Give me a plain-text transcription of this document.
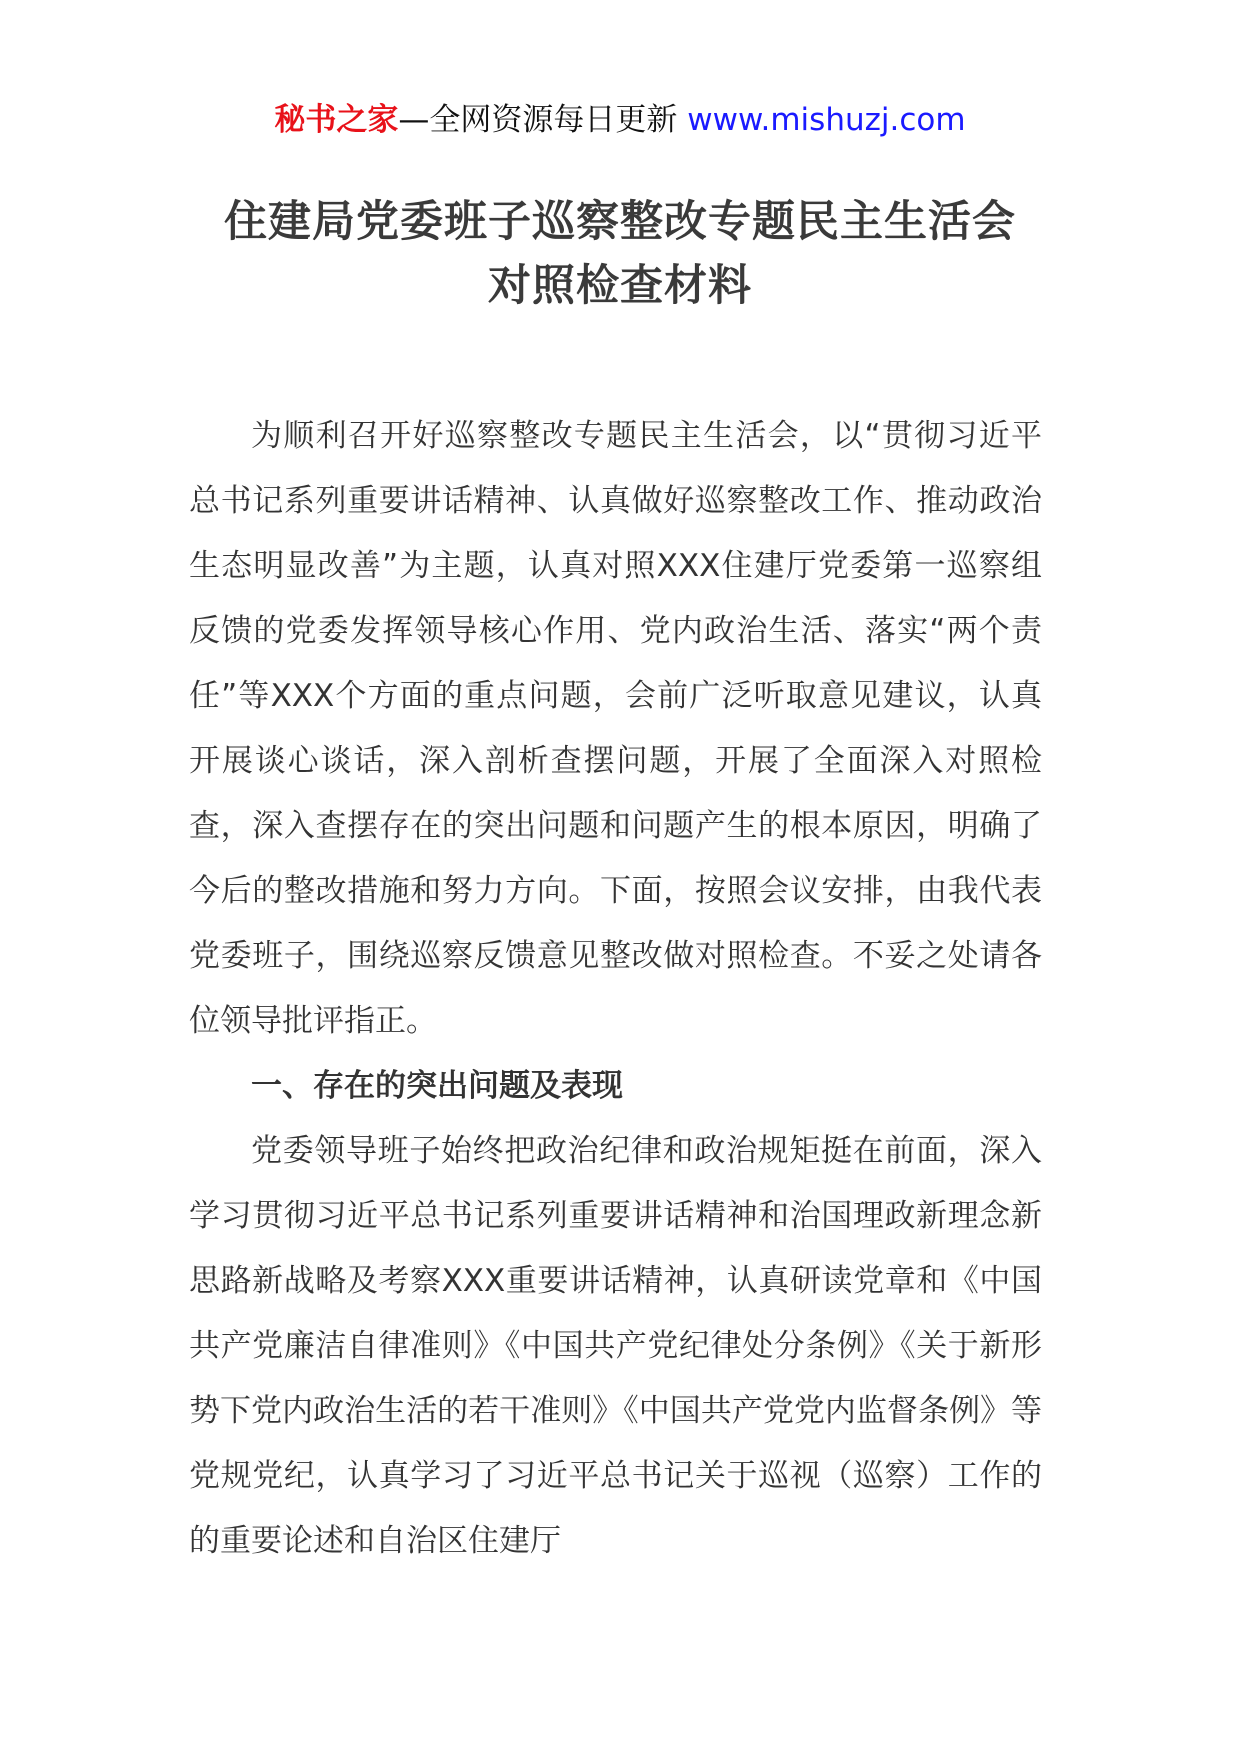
秘书之家—全网资源每日更新 www.mishuzj.com
住建局党委班子巡察整改专题民主生活会
对照检查材料

为顺利召开好巡察整改专题民主生活会，以“贯彻习近平总书记系列重要讲话精神、认真做好巡察整改工作、推动政治生态明显改善”为主题，认真对照XXX住建厅党委第一巡察组反馈的党委发挥领导核心作用、党内政治生活、落实“两个责任”等XXX个方面的重点问题，会前广泛听取意见建议，认真开展谈心谈话，深入剖析查摆问题，开展了全面深入对照检查，深入查摆存在的突出问题和问题产生的根本原因，明确了今后的整改措施和努力方向。下面，按照会议安排，由我代表党委班子，围绕巡察反馈意见整改做对照检查。不妥之处请各位领导批评指正。

一、存在的突出问题及表现

党委领导班子始终把政治纪律和政治规矩挺在前面，深入学习贯彻习近平总书记系列重要讲话精神和治国理政新理念新思路新战略及考察XXX重要讲话精神，认真研读党章和《中国共产党廉洁自律准则》《中国共产党纪律处分条例》《关于新形势下党内政治生活的若干准则》《中国共产党党内监督条例》等党规党纪，认真学习了习近平总书记关于巡视（巡察）工作的的重要论述和自治区住建厅
